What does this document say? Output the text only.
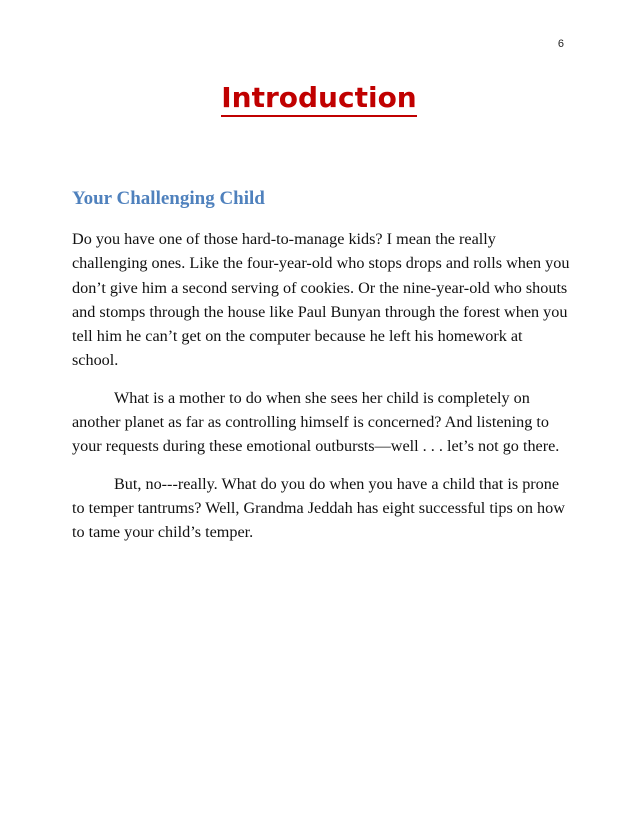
6
Introduction
Your Challenging Child

Do you have one of those hard-to-manage kids? I mean the really challenging ones. Like the four-year-old who stops drops and rolls when you don’t give him a second serving of cookies. Or the nine-year-old who shouts and stomps through the house like Paul Bunyan through the forest when you tell him he can’t get on the computer because he left his homework at school.

What is a mother to do when she sees her child is completely on another planet as far as controlling himself is concerned? And listening to your requests during these emotional outbursts—well . . . let’s not go there.

But, no---really. What do you do when you have a child that is prone to temper tantrums? Well, Grandma Jeddah has eight successful tips on how to tame your child’s temper.
